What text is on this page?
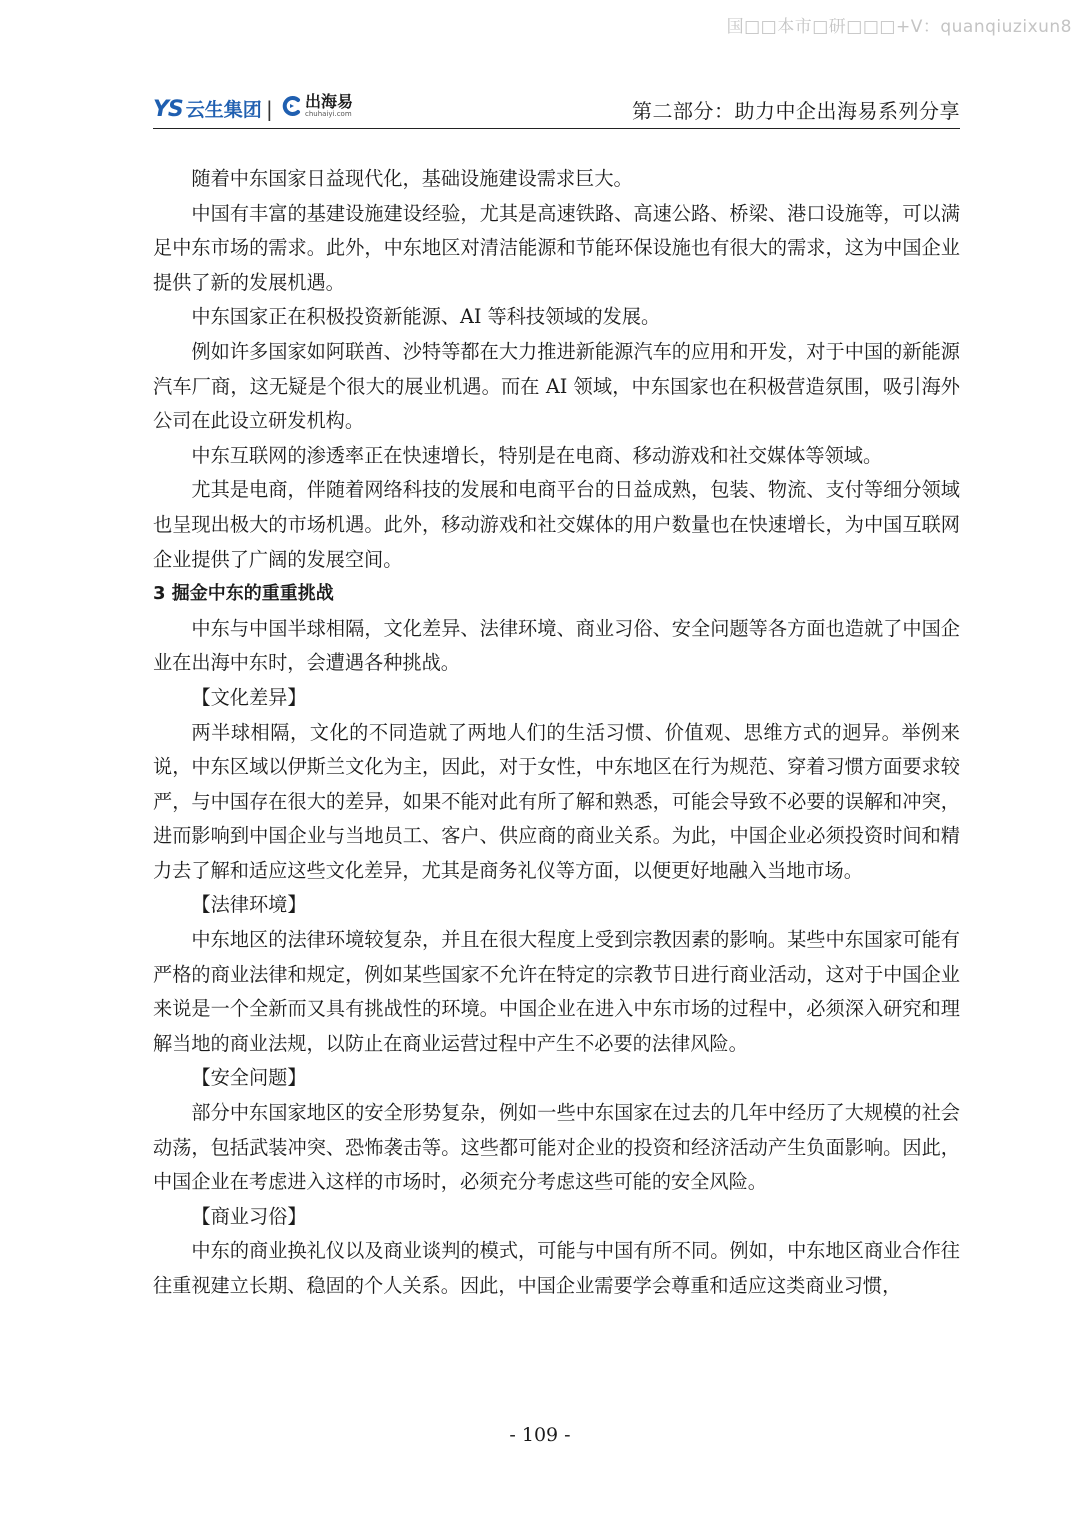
国□□本市□研□□□+V：quanqiuzixun8
YS 云生集团 | 出海易
chuhaiyi.com	第二部分：助力中企出海易系列分享

随着中东国家日益现代化，基础设施建设需求巨大。

中国有丰富的基建设施建设经验，尤其是高速铁路、高速公路、桥梁、港口设施等，可以满足中东市场的需求。此外，中东地区对清洁能源和节能环保设施也有很大的需求，这为中国企业提供了新的发展机遇。

中东国家正在积极投资新能源、AI 等科技领域的发展。

例如许多国家如阿联酋、沙特等都在大力推进新能源汽车的应用和开发，对于中国的新能源汽车厂商，这无疑是个很大的展业机遇。而在 AI 领域，中东国家也在积极营造氛围，吸引海外公司在此设立研发机构。

中东互联网的渗透率正在快速增长，特别是在电商、移动游戏和社交媒体等领域。

尤其是电商，伴随着网络科技的发展和电商平台的日益成熟，包装、物流、支付等细分领域也呈现出极大的市场机遇。此外，移动游戏和社交媒体的用户数量也在快速增长，为中国互联网企业提供了广阔的发展空间。

3 掘金中东的重重挑战

中东与中国半球相隔，文化差异、法律环境、商业习俗、安全问题等各方面也造就了中国企业在出海中东时，会遭遇各种挑战。

【文化差异】

两半球相隔，文化的不同造就了两地人们的生活习惯、价值观、思维方式的迥异。举例来说，中东区域以伊斯兰文化为主，因此，对于女性，中东地区在行为规范、穿着习惯方面要求较严，与中国存在很大的差异，如果不能对此有所了解和熟悉，可能会导致不必要的误解和冲突，进而影响到中国企业与当地员工、客户、供应商的商业关系。为此，中国企业必须投资时间和精力去了解和适应这些文化差异，尤其是商务礼仪等方面，以便更好地融入当地市场。

【法律环境】

中东地区的法律环境较复杂，并且在很大程度上受到宗教因素的影响。某些中东国家可能有严格的商业法律和规定，例如某些国家不允许在特定的宗教节日进行商业活动，这对于中国企业来说是一个全新而又具有挑战性的环境。中国企业在进入中东市场的过程中，必须深入研究和理解当地的商业法规，以防止在商业运营过程中产生不必要的法律风险。

【安全问题】

部分中东国家地区的安全形势复杂，例如一些中东国家在过去的几年中经历了大规模的社会动荡，包括武装冲突、恐怖袭击等。这些都可能对企业的投资和经济活动产生负面影响。因此，中国企业在考虑进入这样的市场时，必须充分考虑这些可能的安全风险。

【商业习俗】

中东的商业换礼仪以及商业谈判的模式，可能与中国有所不同。例如，中东地区商业合作往往重视建立长期、稳固的个人关系。因此，中国企业需要学会尊重和适应这类商业习惯，

- 109 -
